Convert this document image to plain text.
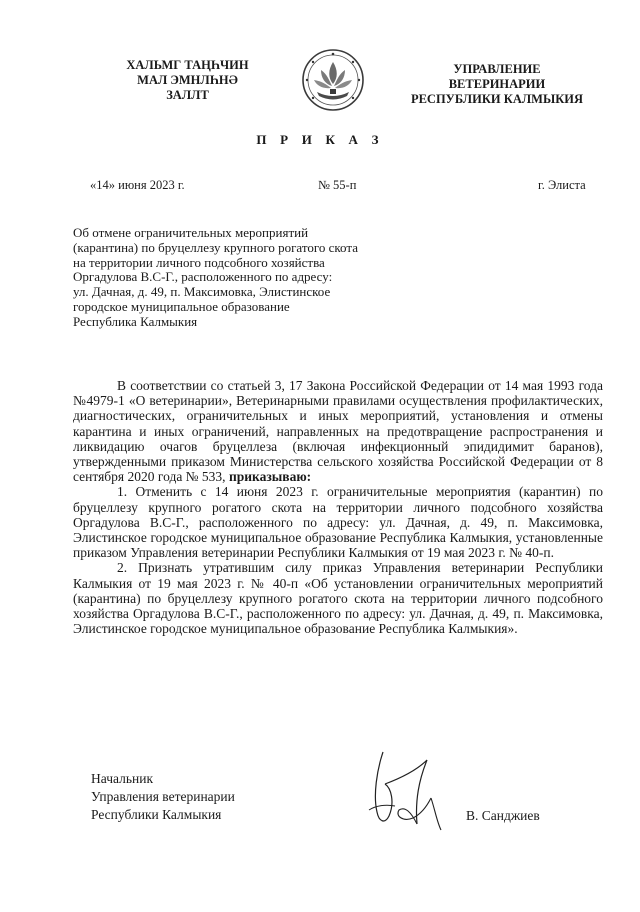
ХАЛЬМГ ТАҢҺЧИН
МАЛ ЭМНЛҺНӘ
ЗАЛЛТ
УПРАВЛЕНИЕ
ВЕТЕРИНАРИИ
РЕСПУБЛИКИ КАЛМЫКИЯ
П Р И К А З
«14» июня 2023 г.	№ 55-п	г. Элиста
Об отмене ограничительных мероприятий
(карантина) по бруцеллезу крупного рогатого скота
на территории личного подсобного хозяйства
Оргадулова В.С-Г., расположенного по адресу:
ул. Дачная, д. 49, п. Максимовка, Элистинское
городское муниципальное образование
Республика Калмыкия

В соответствии со статьей 3, 17 Закона Российской Федерации от 14 мая 1993 года №4979-1 «О ветеринарии», Ветеринарными правилами осуществления профилактических, диагностических, ограничительных и иных мероприятий, установления и отмены карантина и иных ограничений, направленных на предотвращение распространения и ликвидацию очагов бруцеллеза (включая инфекционный эпидидимит баранов), утвержденными приказом Министерства сельского хозяйства Российской Федерации от 8 сентября 2020 года № 533, приказываю:

1. Отменить с 14 июня 2023 г. ограничительные мероприятия (карантин) по бруцеллезу крупного рогатого скота на территории личного подсобного хозяйства Оргадулова В.С-Г., расположенного по адресу: ул. Дачная, д. 49, п. Максимовка, Элистинское городское муниципальное образование Республика Калмыкия, установленные приказом Управления ветеринарии Республики Калмыкия от 19 мая 2023 г. № 40-п.

2. Признать утратившим силу приказ Управления ветеринарии Республики Калмыкия от 19 мая 2023 г. № 40-п «Об установлении ограничительных мероприятий (карантина) по бруцеллезу крупного рогатого скота на территории личного подсобного хозяйства Оргадулова В.С-Г., расположенного по адресу: ул. Дачная, д. 49, п. Максимовка, Элистинское городское муниципальное образование Республика Калмыкия».

Начальник
Управления ветеринарии
Республики Калмыкия	В. Санджиев
